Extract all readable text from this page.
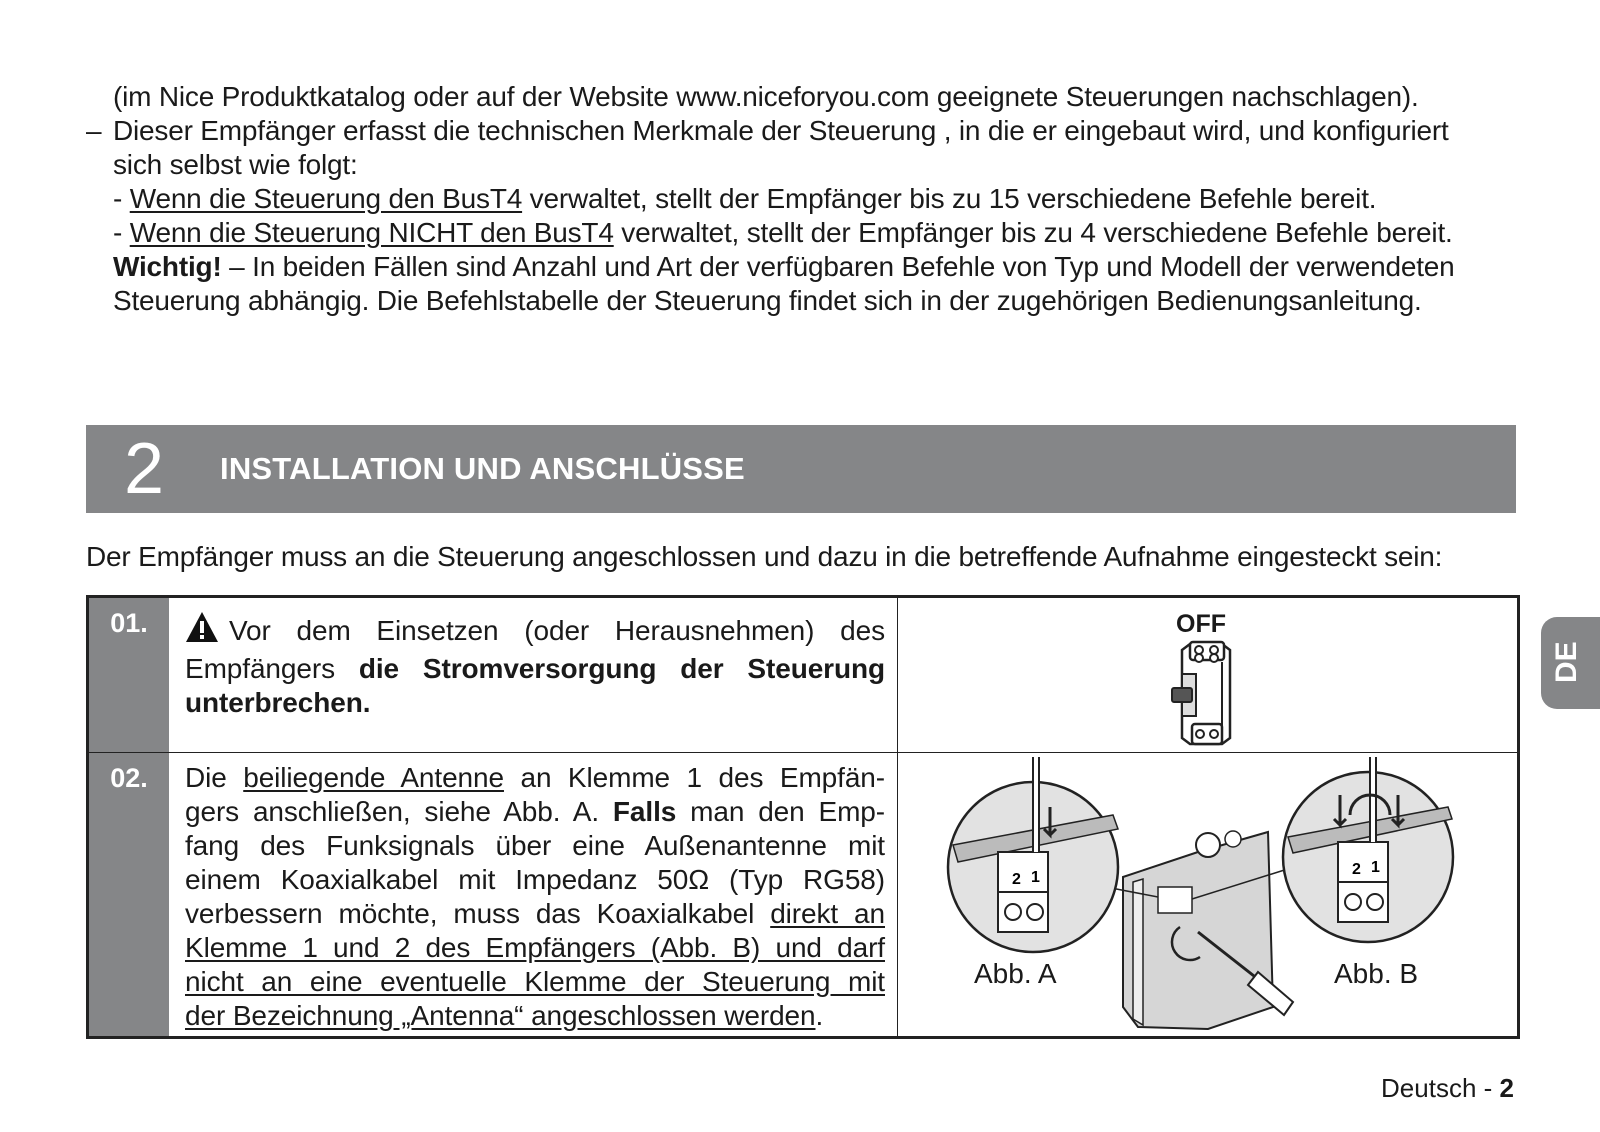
(im Nice Produktkatalog oder auf der Website www.niceforyou.com geeignete Steuerungen nachschlagen).
– Dieser Empfänger erfasst die technischen Merkmale der Steuerung , in die er eingebaut wird, und konfiguriert
sich selbst wie folgt:
- Wenn die Steuerung den BusT4 verwaltet, stellt der Empfänger bis zu 15 verschiedene Befehle bereit.
- Wenn die Steuerung NICHT den BusT4 verwaltet, stellt der Empfänger bis zu 4 verschiedene Befehle bereit.
Wichtig! – In beiden Fällen sind Anzahl und Art der verfügbaren Befehle von Typ und Modell der verwendeten
Steuerung abhängig. Die Befehlstabelle der Steuerung findet sich in der zugehörigen Bedienungsanleitung.
2 INSTALLATION UND ANSCHLÜSSE
Der Empfänger muss an die Steuerung angeschlossen und dazu in die betreffende Aufnahme eingesteckt sein:
01.	Vor dem Einsetzen (oder Herausnehmen) des
Empfängers die Stromversorgung der Steuerung
unterbrechen.
OFF
02.	Die beiliegende Antenne an Klemme 1 des Empfän-
gers anschließen, siehe Abb. A. Falls man den Emp-
fang des Funksignals über eine Außenantenne mit
einem Koaxialkabel mit Impedanz 50Ω (Typ RG58)
verbessern möchte, muss das Koaxialkabel direkt an
Klemme 1 und 2 des Empfängers (Abb. B) und darf
nicht an eine eventuelle Klemme der Steuerung mit
der Bezeichnung „Antenna“ angeschlossen werden.
2 1	2 1
Abb. A	Abb. B
DE
Deutsch - 2
